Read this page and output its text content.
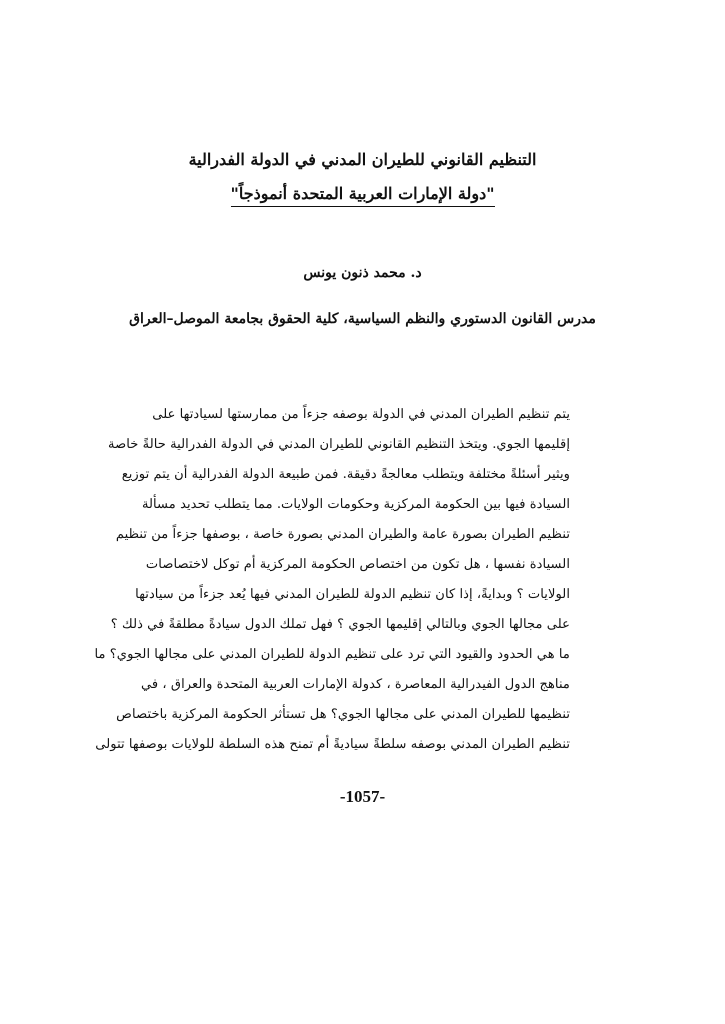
التنظيم القانوني للطيران المدني في الدولة الفدرالية
"دولة الإمارات العربية المتحدة أنموذجاً"
د. محمد ذنون يونس
مدرس القانون الدستوري والنظم السياسية، كلية الحقوق بجامعة الموصل–العراق
يتم تنظيم الطيران المدني في الدولة بوصفه جزءاً من ممارستها لسيادتها على
إقليمها الجوي. ويتخذ التنظيم القانوني للطيران المدني في الدولة الفدرالية حالةً خاصة
ويثير أسئلةً مختلفة ويتطلب معالجةً دقيقة. فمن طبيعة الدولة الفدرالية أن يتم توزيع
السيادة فيها بين الحكومة المركزية وحكومات الولايات. مما يتطلب تحديد مسألة
تنظيم الطيران بصورة عامة والطيران المدني بصورة خاصة ، بوصفها جزءاً من تنظيم
السيادة نفسها ، هل تكون من اختصاص الحكومة المركزية أم توكل لاختصاصات
الولايات ؟ وبدايةً، إذا كان تنظيم الدولة للطيران المدني فيها يُعد جزءاً من سيادتها
على مجالها الجوي وبالتالي إقليمها الجوي ؟ فهل تملك الدول سيادةً مطلقةً في ذلك ؟
ما هي الحدود والقيود التي ترد على تنظيم الدولة للطيران المدني على مجالها الجوي؟ ما
مناهج الدول الفيدرالية المعاصرة ، كدولة الإمارات العربية المتحدة والعراق ، في
تنظيمها للطيران المدني على مجالها الجوي؟ هل تستأثر الحكومة المركزية باختصاص
تنظيم الطيران المدني بوصفه سلطةً سياديةً أم تمنح هذه السلطة للولايات بوصفها تتولى
-1057-
